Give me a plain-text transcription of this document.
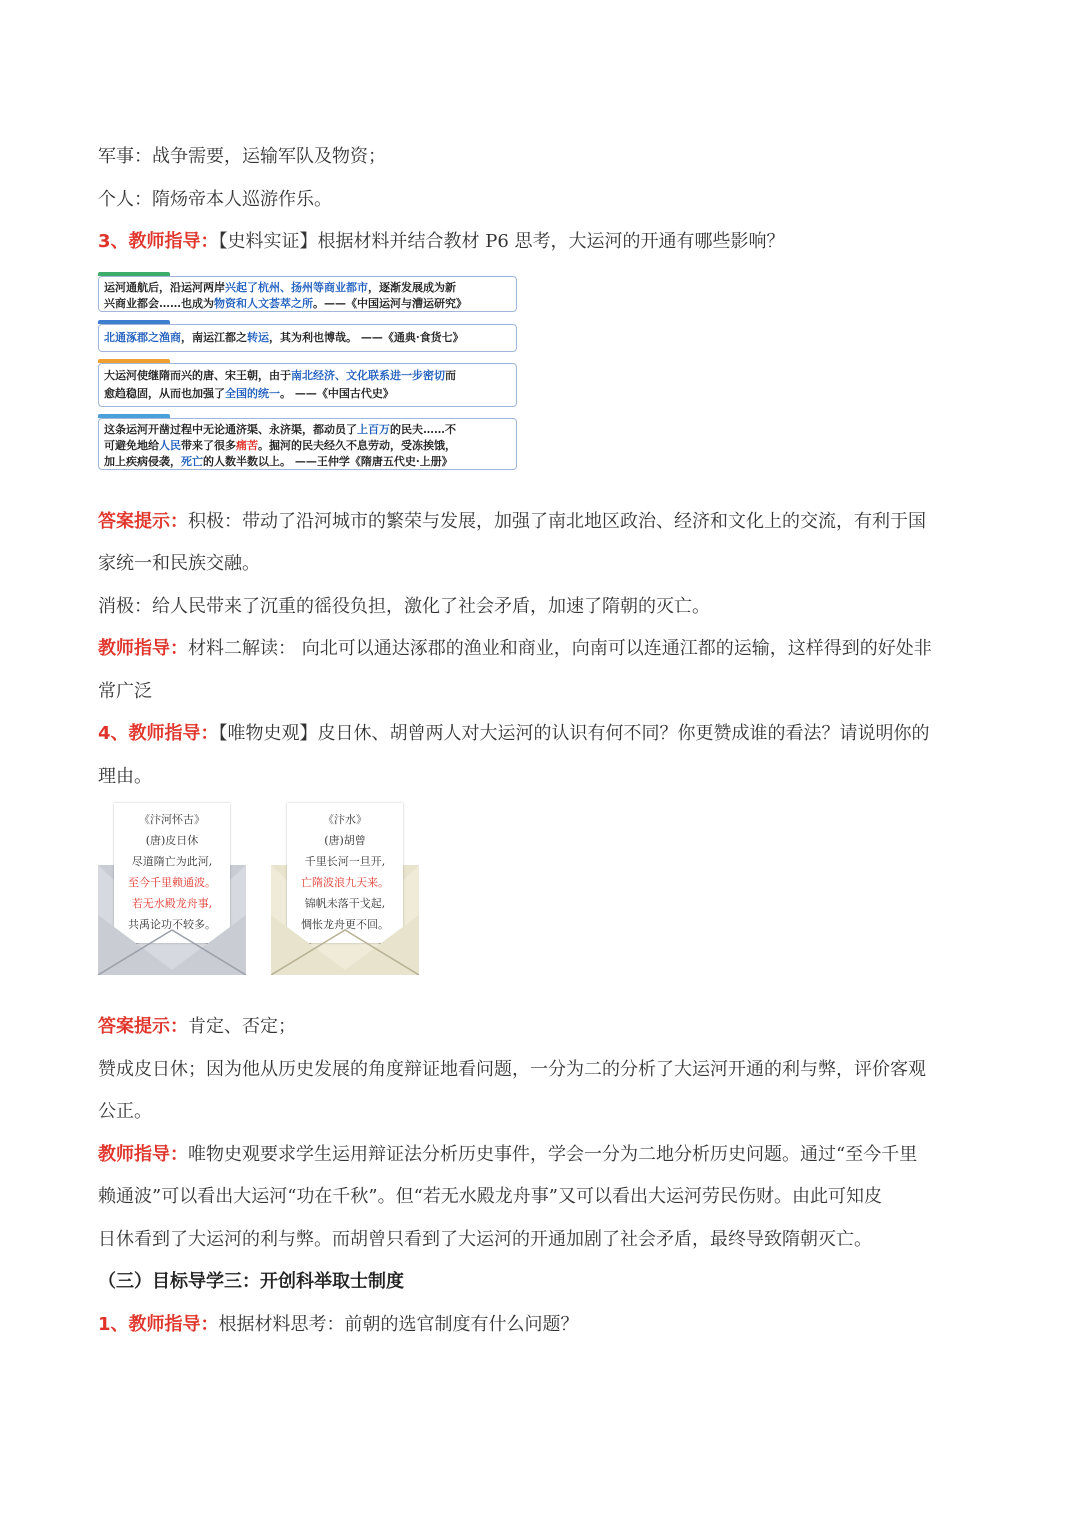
军事：战争需要，运输军队及物资；
个人：隋炀帝本人巡游作乐。
3、教师指导：【史料实证】根据材料并结合教材 P6 思考，大运河的开通有哪些影响？
运河通航后，沿运河两岸兴起了杭州、扬州等商业都市，逐渐发展成为新
兴商业都会……也成为物资和人文荟萃之所。——《中国运河与漕运研究》
北通涿郡之渔商，南运江都之转运，其为利也博哉。 ——《通典·食货七》
大运河使继隋而兴的唐、宋王朝，由于南北经济、文化联系进一步密切而
愈趋稳固，从而也加强了全国的统一。 ——《中国古代史》
这条运河开凿过程中无论通济渠、永济渠，都动员了上百万的民夫……不
可避免地给人民带来了很多痛苦。掘河的民夫经久不息劳动，受冻挨饿，
加上疾病侵袭，死亡的人数半数以上。 ——王仲学《隋唐五代史·上册》
答案提示：积极：带动了沿河城市的繁荣与发展，加强了南北地区政治、经济和文化上的交流，有利于国
家统一和民族交融。
消极：给人民带来了沉重的徭役负担，激化了社会矛盾，加速了隋朝的灭亡。
教师指导：材料二解读： 向北可以通达涿郡的渔业和商业，向南可以连通江都的运输，这样得到的好处非
常广泛
4、教师指导：【唯物史观】皮日休、胡曾两人对大运河的认识有何不同？你更赞成谁的看法？请说明你的
理由。
《汴河怀古》
(唐)皮日休
尽道隋亡为此河,
至今千里赖通波。
若无水殿龙舟事,
共禹论功不较多。
《汴水》
(唐)胡曾
千里长河一旦开,
亡隋波浪九天来。
锦帆未落干戈起,
惆怅龙舟更不回。
答案提示：肯定、否定；
赞成皮日休；因为他从历史发展的角度辩证地看问题，一分为二的分析了大运河开通的利与弊，评价客观
公正。
教师指导：唯物史观要求学生运用辩证法分析历史事件，学会一分为二地分析历史问题。通过“至今千里
赖通波”可以看出大运河“功在千秋”。但“若无水殿龙舟事”又可以看出大运河劳民伤财。由此可知皮
日休看到了大运河的利与弊。而胡曾只看到了大运河的开通加剧了社会矛盾，最终导致隋朝灭亡。
（三）目标导学三：开创科举取士制度
1、教师指导：根据材料思考：前朝的选官制度有什么问题？
